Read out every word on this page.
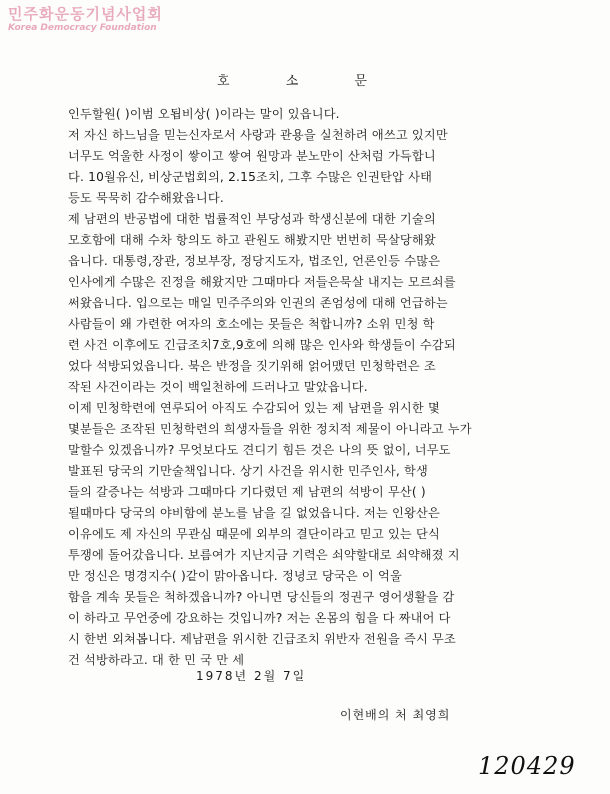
민주화운동기념사업회
Korea Democracy Foundation
호 소 문
인두할원( )이범 오됩비상( )이라는 말이 있읍니다.
저 자신 하느님을 믿는신자로서 사랑과 관용을 실천하려 애쓰고 있지만
너무도 억울한 사정이 쌓이고 쌓여 원망과 분노만이 산처럼 가득합니
다. 10월유신, 비상군법회의, 2.15조치, 그후 수많은 인권탄압 사태
등도 묵묵히 감수해왔읍니다.
제 남편의 반공법에 대한 법률적인 부당성과 학생신분에 대한 기술의
모호함에 대해 수차 항의도 하고 관원도 해봤지만 번번히 묵살당해왔
읍니다. 대통령,장관, 정보부장, 정당지도자, 법조인, 언론인등 수많은
인사에게 수많은 진정을 해왔지만 그때마다 저들은묵살 내지는 모르쇠를
써왔읍니다. 입으로는 매일 민주주의와 인권의 존엄성에 대해 언급하는
사람들이 왜 가련한 여자의 호소에는 못들은 척합니까? 소위 민청 학
련 사건 이후에도 긴급조치7호,9호에 의해 많은 인사와 학생들이 수감되
었다 석방되었읍니다. 북은 반정을 짓기위해 얽어맸던 민청학련은 조
작된 사건이라는 것이 백일천하에 드러나고 말았읍니다.
이제 민청학련에 연루되어 아직도 수감되어 있는 제 남편을 위시한 몇
몇분들은 조작된 민청학련의 희생자들을 위한 정치적 제물이 아니라고 누가
말할수 있겠읍니까? 무엇보다도 견디기 힘든 것은 나의 뜻 없이, 너무도
발표된 당국의 기만술책입니다. 상기 사건을 위시한 민주인사, 학생
들의 갈증나는 석방과 그때마다 기다렸던 제 남편의 석방이 무산( )
될때마다 당국의 야비함에 분노를 남을 길 없었읍니다. 저는 인왕산은
이유에도 제 자신의 무관심 때문에 외부의 결단이라고 믿고 있는 단식
투쟁에 돌어갔읍니다. 보름여가 지난지금 기력은 쇠약할대로 쇠약해졌 지
만 정신은 명경지수( )같이 맑아옵니다. 정녕코 당국은 이 억울
함을 계속 못들은 척하겠읍니까? 아니면 당신들의 정권구 영어생활을 감
이 하라고 무언중에 강요하는 것입니까? 저는 온몸의 힘을 다 짜내어 다
시 한번 외쳐봅니다. 제남편을 위시한 긴급조치 위반자 전원을 즉시 무조
건 석방하라고. 대 한 민 국 만 세
1978년 2월 7일
이현배의 처 최영희
120429
